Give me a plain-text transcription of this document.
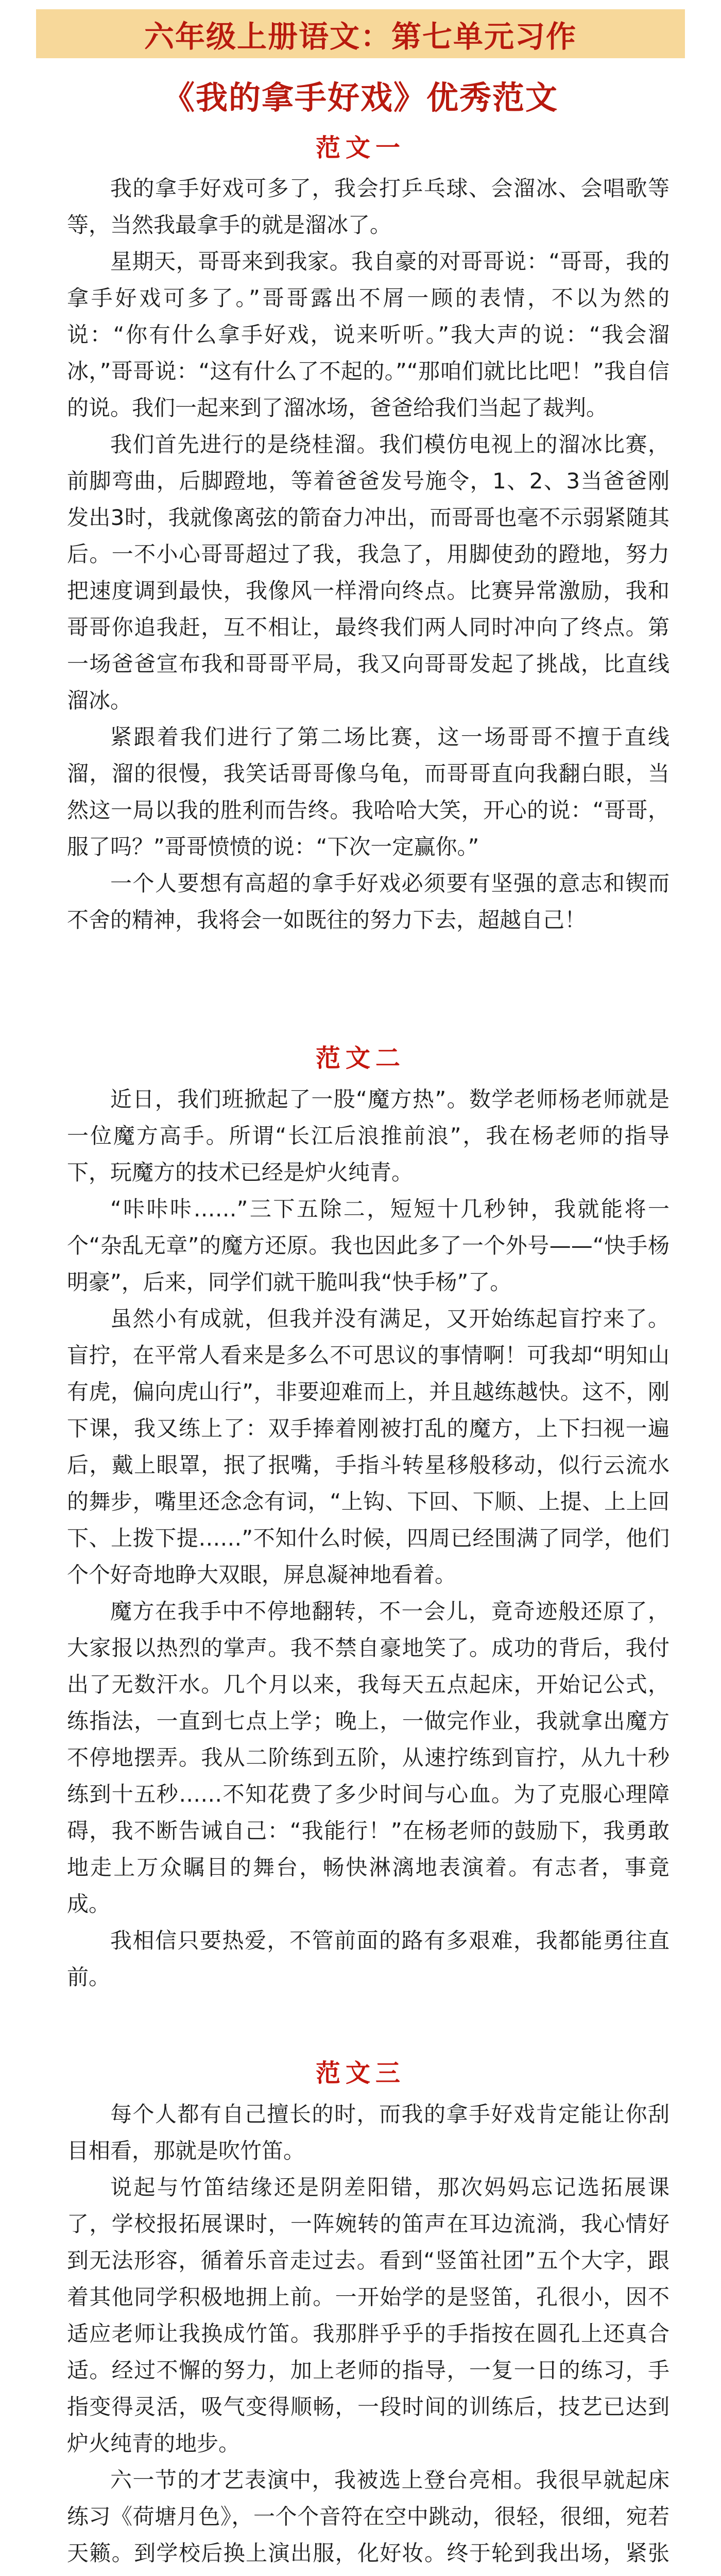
六年级上册语文：第七单元习作
《我的拿手好戏》优秀范文
范文一

我的拿手好戏可多了，我会打乒乓球、会溜冰、会唱歌等等，当然我最拿手的就是溜冰了。

星期天，哥哥来到我家。我自豪的对哥哥说：“哥哥，我的拿手好戏可多了。”哥哥露出不屑一顾的表情，不以为然的说：“你有什么拿手好戏，说来听听。”我大声的说：“我会溜冰，”哥哥说：“这有什么了不起的。”“那咱们就比比吧！”我自信的说。我们一起来到了溜冰场，爸爸给我们当起了裁判。

我们首先进行的是绕桂溜。我们模仿电视上的溜冰比赛，前脚弯曲，后脚蹬地，等着爸爸发号施令，1、2、3当爸爸刚发出3时，我就像离弦的箭奋力冲出，而哥哥也毫不示弱紧随其后。一不小心哥哥超过了我，我急了，用脚使劲的蹬地，努力把速度调到最快，我像风一样滑向终点。比赛异常激励，我和哥哥你追我赶，互不相让，最终我们两人同时冲向了终点。第一场爸爸宣布我和哥哥平局，我又向哥哥发起了挑战，比直线溜冰。

紧跟着我们进行了第二场比赛，这一场哥哥不擅于直线溜，溜的很慢，我笑话哥哥像乌龟，而哥哥直向我翻白眼，当然这一局以我的胜利而告终。我哈哈大笑，开心的说：“哥哥，服了吗？”哥哥愤愤的说：“下次一定赢你。”

一个人要想有高超的拿手好戏必须要有坚强的意志和锲而不舍的精神，我将会一如既往的努力下去，超越自己！

范文二

近日，我们班掀起了一股“魔方热”。数学老师杨老师就是一位魔方高手。所谓“长江后浪推前浪”，我在杨老师的指导下，玩魔方的技术已经是炉火纯青。

“咔咔咔……”三下五除二，短短十几秒钟，我就能将一个“杂乱无章”的魔方还原。我也因此多了一个外号——“快手杨明豪”，后来，同学们就干脆叫我“快手杨”了。

虽然小有成就，但我并没有满足，又开始练起盲拧来了。盲拧，在平常人看来是多么不可思议的事情啊！可我却“明知山有虎，偏向虎山行”，非要迎难而上，并且越练越快。这不，刚下课，我又练上了：双手捧着刚被打乱的魔方，上下扫视一遍后，戴上眼罩，抿了抿嘴，手指斗转星移般移动，似行云流水的舞步，嘴里还念念有词，“上钩、下回、下顺、上提、上上回下、上拨下提……”不知什么时候，四周已经围满了同学，他们个个好奇地睁大双眼，屏息凝神地看着。

魔方在我手中不停地翻转，不一会儿，竟奇迹般还原了，大家报以热烈的掌声。我不禁自豪地笑了。成功的背后，我付出了无数汗水。几个月以来，我每天五点起床，开始记公式，练指法，一直到七点上学；晚上，一做完作业，我就拿出魔方不停地摆弄。我从二阶练到五阶，从速拧练到盲拧，从九十秒练到十五秒……不知花费了多少时间与心血。为了克服心理障碍，我不断告诫自己：“我能行！”在杨老师的鼓励下，我勇敢地走上万众瞩目的舞台，畅快淋漓地表演着。有志者，事竟成。

我相信只要热爱，不管前面的路有多艰难，我都能勇往直前。

范文三

每个人都有自己擅长的时，而我的拿手好戏肯定能让你刮目相看，那就是吹竹笛。

说起与竹笛结缘还是阴差阳错，那次妈妈忘记选拓展课了，学校报拓展课时，一阵婉转的笛声在耳边流淌，我心情好到无法形容，循着乐音走过去。看到“竖笛社团”五个大字，跟着其他同学积极地拥上前。一开始学的是竖笛，孔很小，因不适应老师让我换成竹笛。我那胖乎乎的手指按在圆孔上还真合适。经过不懈的努力，加上老师的指导，一复一日的练习，手指变得灵活，吸气变得顺畅，一段时间的训练后，技艺已达到炉火纯青的地步。

六一节的才艺表演中，我被选上登台亮相。我很早就起床练习《荷塘月色》，一个个音符在空中跳动，很轻，很细，宛若天籁。到学校后换上演出服，化好妆。终于轮到我出场，紧张
